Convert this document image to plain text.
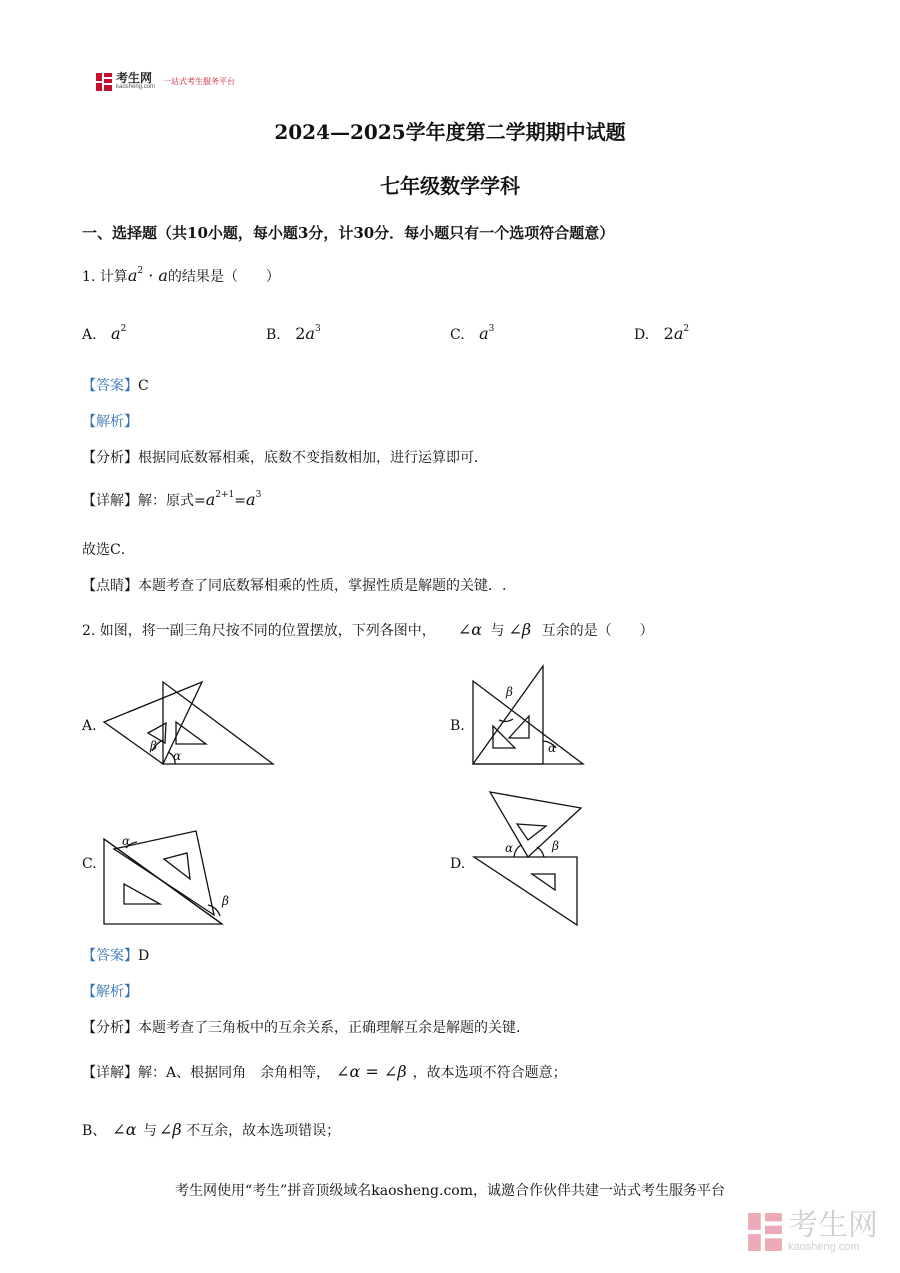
考生网
kaosheng.com
一站式考生服务平台
2024—2025学年度第二学期期中试题
七年级数学学科
一、选择题（共10小题，每小题3分，计30分．每小题只有一个选项符合题意）
1. 计算$a^2 \cdot a$的结果是（　　）
A. $a^2$	B. $2a^3$	C. $a^3$	D. $2a^2$
【答案】C
【解析】
【分析】根据同底数幂相乘，底数不变指数相加，进行运算即可．
【详解】解：原式$=a^{2+1}=a^3$
故选C．
【点睛】本题考查了同底数幂相乘的性质，掌握性质是解题的关键．.
2. 如图，将一副三角尺按不同的位置摆放，下列各图中， ∠α 与 ∠β 互余的是（　　）
A.	B.
C.	D.
β
α
β
α
α
β
α	β
【答案】D
【解析】
【分析】本题考查了三角板中的互余关系，正确理解互余是解题的关键．
【详解】解：A、根据同角　余角相等， ∠α = ∠β ，故本选项不符合题意；
B、 ∠α 与 ∠β 不互余，故本选项错误；
考生网使用“考生”拼音顶级域名kaosheng.com，诚邀合作伙伴共建一站式考生服务平台
考生网
kaosheng.com
